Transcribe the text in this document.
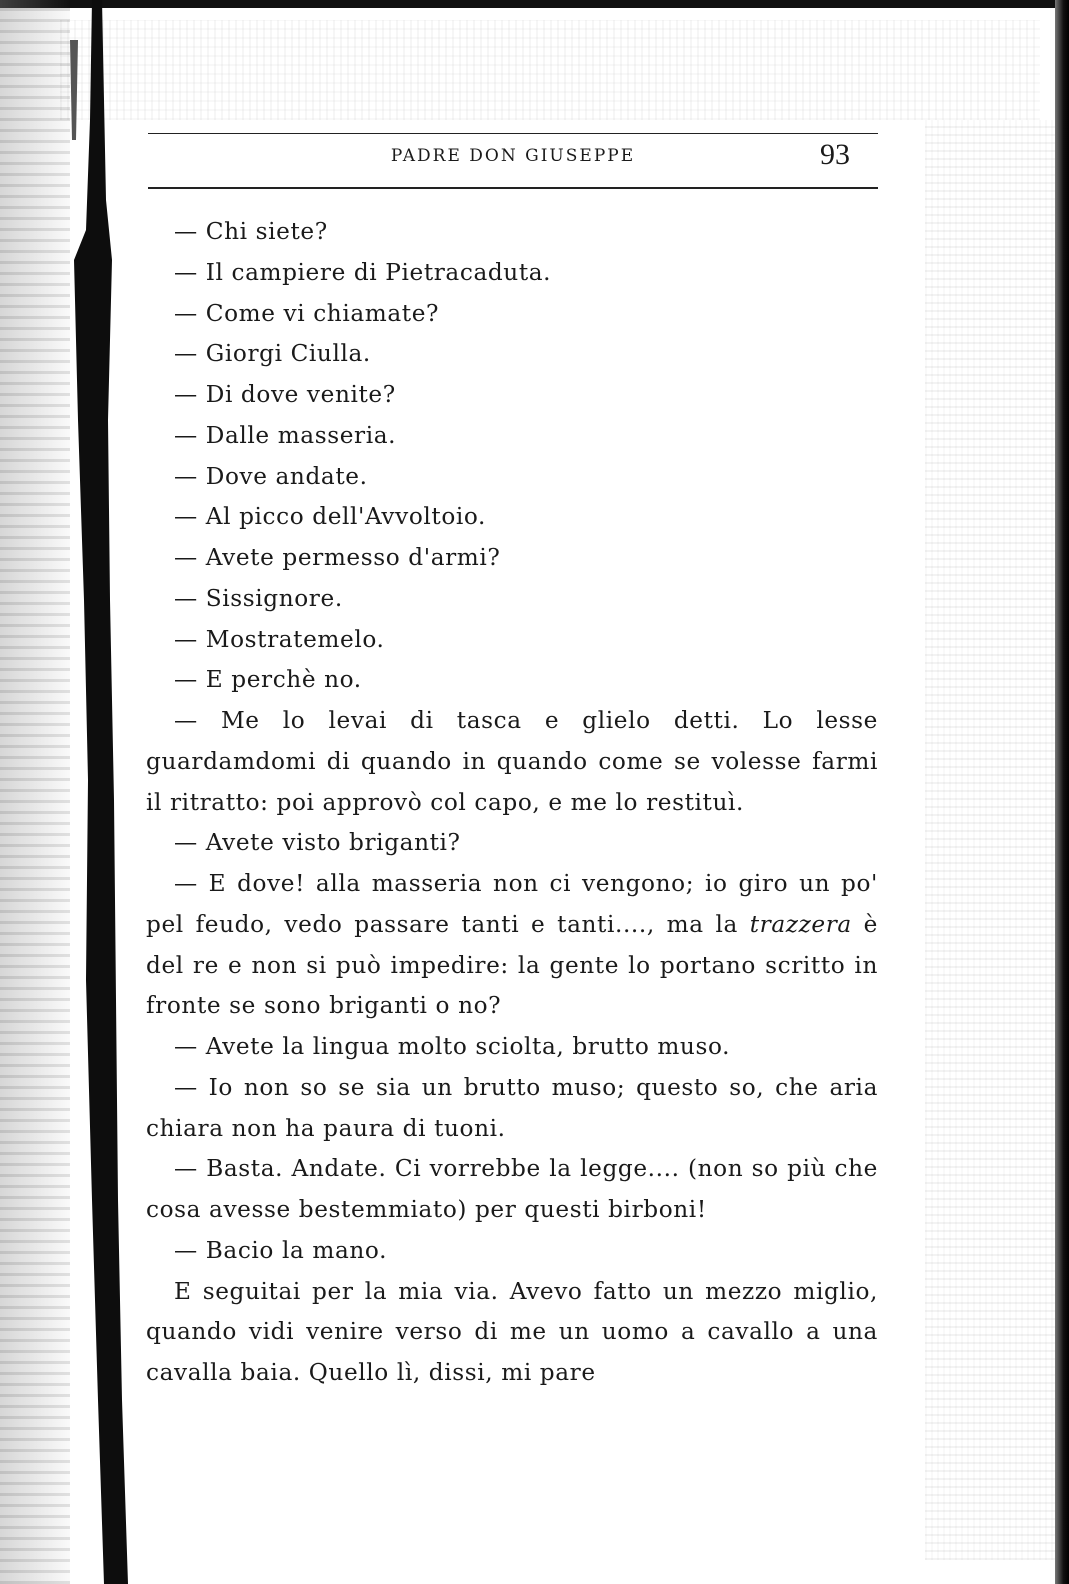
PADRE DON GIUSEPPE	93

— Chi siete?

— Il campiere di Pietracaduta.

— Come vi chiamate?

— Giorgi Ciulla.

— Di dove venite?

— Dalle masseria.

— Dove andate.

— Al picco dell'Avvoltoio.

— Avete permesso d'armi?

— Sissignore.

— Mostratemelo.

— E perchè no.

— Me lo levai di tasca e glielo detti. Lo lesse guardamdomi di quando in quando come se volesse farmi il ritratto: poi approvò col capo, e me lo restituì.

— Avete visto briganti?

— E dove! alla masseria non ci vengono; io giro un po' pel feudo, vedo passare tanti e tanti...., ma la trazzera è del re e non si può impedire: la gente lo portano scritto in fronte se sono briganti o no?

— Avete la lingua molto sciolta, brutto muso.

— Io non so se sia un brutto muso; questo so, che aria chiara non ha paura di tuoni.

— Basta. Andate. Ci vorrebbe la legge.... (non so più che cosa avesse bestemmiato) per questi birboni!

— Bacio la mano.

E seguitai per la mia via. Avevo fatto un mezzo miglio, quando vidi venire verso di me un uomo a cavallo a una cavalla baia. Quello lì, dissi, mi pare
